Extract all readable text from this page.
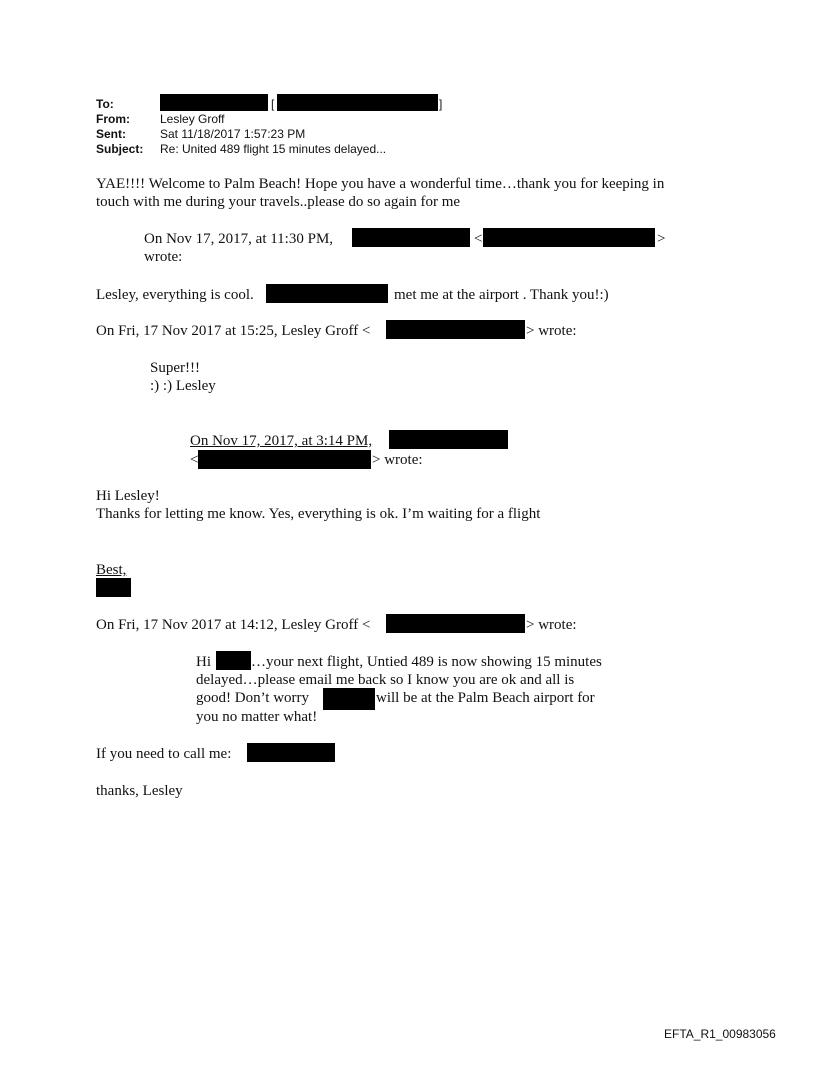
To:	[	]
From:	Lesley Groff
Sent:	Sat 11/18/2017 1:57:23 PM
Subject: Re: United 489 flight 15 minutes delayed...
YAE!!!! Welcome to Palm Beach! Hope you have a wonderful time…thank you for keeping in
touch with me during your travels..please do so again for me
On Nov 17, 2017, at 11:30 PM,	<	>
wrote:
Lesley, everything is cool.	met me at the airport . Thank you!:)
On Fri, 17 Nov 2017 at 15:25, Lesley Groff <	> wrote:
Super!!!
:) :) Lesley
On Nov 17, 2017, at 3:14 PM,
<	> wrote:
Hi Lesley!
Thanks for letting me know. Yes, everything is ok. I’m waiting for a flight
Best,
On Fri, 17 Nov 2017 at 14:12, Lesley Groff <	> wrote:
Hi	…your next flight, Untied 489 is now showing 15 minutes
delayed…please email me back so I know you are ok and all is
good! Don’t worry	will be at the Palm Beach airport for
you no matter what!
If you need to call me:
thanks, Lesley
EFTA_R1_00983056
